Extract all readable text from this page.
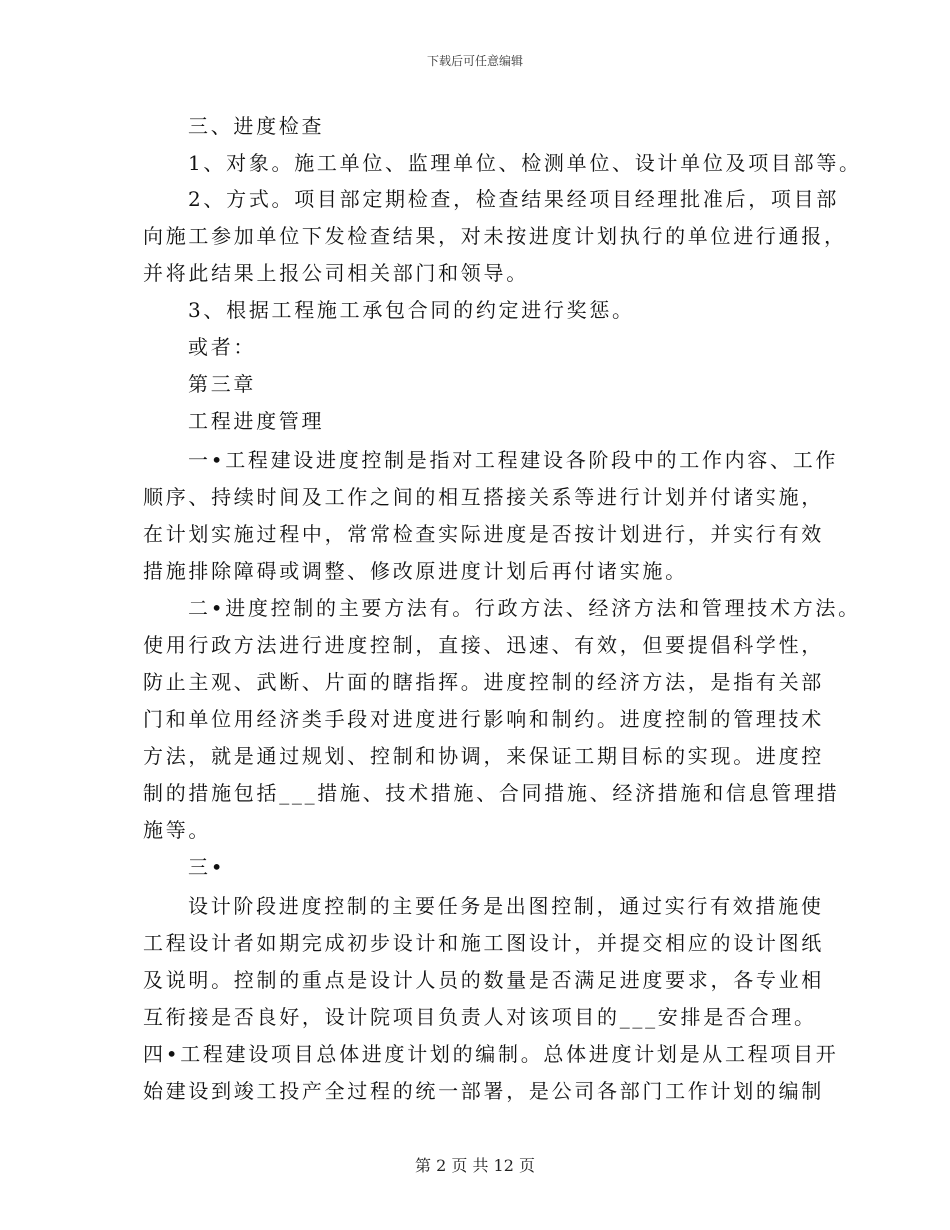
下载后可任意编辑
三、进度检查
1、对象。施工单位、监理单位、检测单位、设计单位及项目部等。
2、方式。项目部定期检查，检查结果经项目经理批准后，项目部
向施工参加单位下发检查结果，对未按进度计划执行的单位进行通报，
并将此结果上报公司相关部门和领导。
3、根据工程施工承包合同的约定进行奖惩。
或者：
第三章
工程进度管理
一•工程建设进度控制是指对工程建设各阶段中的工作内容、工作
顺序、持续时间及工作之间的相互搭接关系等进行计划并付诸实施，
在计划实施过程中，常常检查实际进度是否按计划进行，并实行有效
措施排除障碍或调整、修改原进度计划后再付诸实施。
二•进度控制的主要方法有。行政方法、经济方法和管理技术方法。
使用行政方法进行进度控制，直接、迅速、有效，但要提倡科学性，
防止主观、武断、片面的瞎指挥。进度控制的经济方法，是指有关部
门和单位用经济类手段对进度进行影响和制约。进度控制的管理技术
方法，就是通过规划、控制和协调，来保证工期目标的实现。进度控
制的措施包括___措施、技术措施、合同措施、经济措施和信息管理措
施等。
三•
设计阶段进度控制的主要任务是出图控制，通过实行有效措施使
工程设计者如期完成初步设计和施工图设计，并提交相应的设计图纸
及说明。控制的重点是设计人员的数量是否满足进度要求，各专业相
互衔接是否良好，设计院项目负责人对该项目的___安排是否合理。
四•工程建设项目总体进度计划的编制。总体进度计划是从工程项目开
始建设到竣工投产全过程的统一部署，是公司各部门工作计划的编制
第 2 页 共 12 页
